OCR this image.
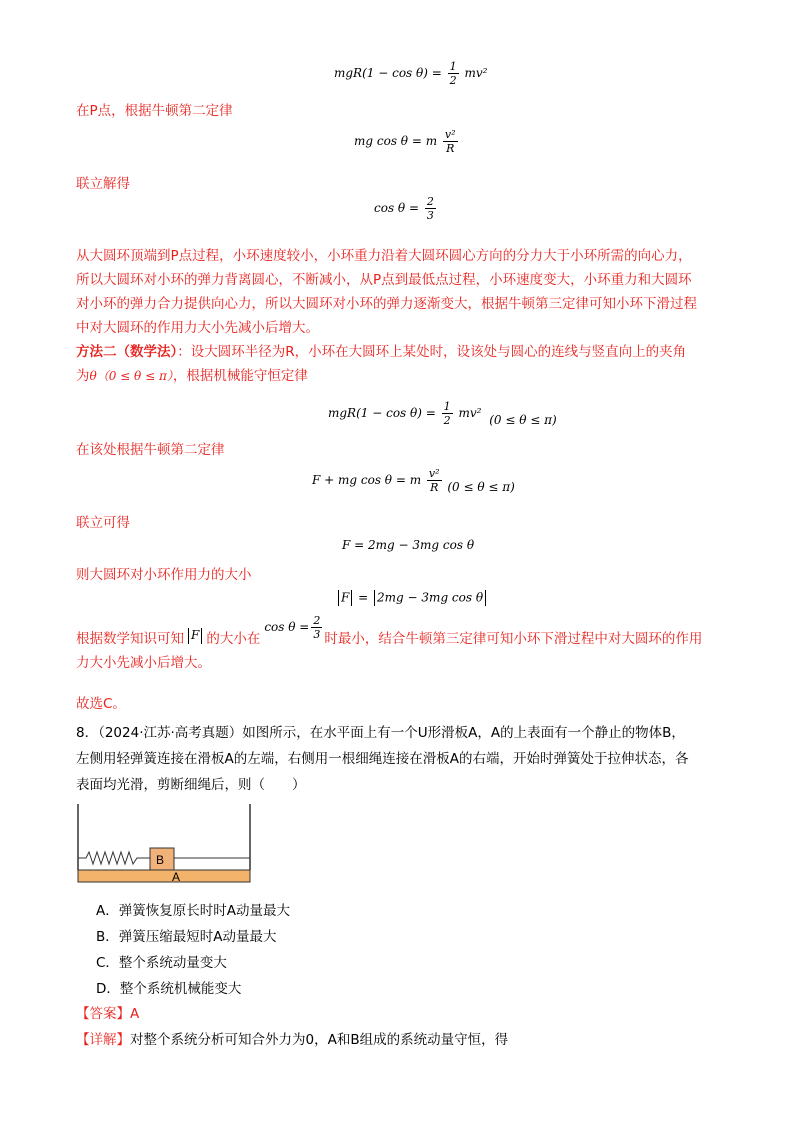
$mgR(1 - \cos \theta) = \frac{1}{2} mv^2$
在P点，根据牛顿第二定律
mg cos θ = m $\frac{\text{v²}}{R}$
联立解得
$\cos \theta = \frac{2}{3}$
从大圆环顶端到P点过程，小环速度较小，小环重力沿着大圆环圆心方向的分力大于小环所需的向心力，
所以大圆环对小环的弹力背离圆心，不断减小，从P点到最低点过程，小环速度变大，小环重力和大圆环
对小环的弹力合力提供向心力，所以大圆环对小环的弹力逐渐变大，根据牛顿第三定律可知小环下滑过程
中对大圆环的作用力大小先减小后增大。
方法二（数学法）：设大圆环半径为R，小环在大圆环上某处时，设该处与圆心的连线与竖直向上的夹角
为θ（0 ≤ θ ≤ π），根据机械能守恒定律
$mgR(1 - \cos \theta) = \frac{1}{2} mv^2$ (0 ≤ θ ≤ π)
在该处根据牛顿第二定律
F + mg cos θ = m $\frac{\text{v²}}{R} (0 \le \theta \le \pi)$
联立可得
F = 2mg − 3mg cos θ
则大圆环对小环作用力的大小
F = 2mg − 3mg cos θ
根据数学知识可知 F 的大小在
$\cos \theta = \frac{2}{3}$ 时最小，结合牛顿第三定律可知小环下滑过程中对大圆环的作用
力大小先减小后增大。
故选C。
8．（2024·江苏·高考真题）如图所示，在水平面上有一个U形滑板A，A的上表面有一个静止的物体B，
左侧用轻弹簧连接在滑板A的左端，右侧用一根细绳连接在滑板A的右端，开始时弹簧处于拉伸状态，各
表面均光滑，剪断细绳后，则（　　）
B
A
A．弹簧恢复原长时时A动量最大
B．弹簧压缩最短时A动量最大
C．整个系统动量变大
D．整个系统机械能变大
【答案】A
【详解】对整个系统分析可知合外力为0，A和B组成的系统动量守恒，得
